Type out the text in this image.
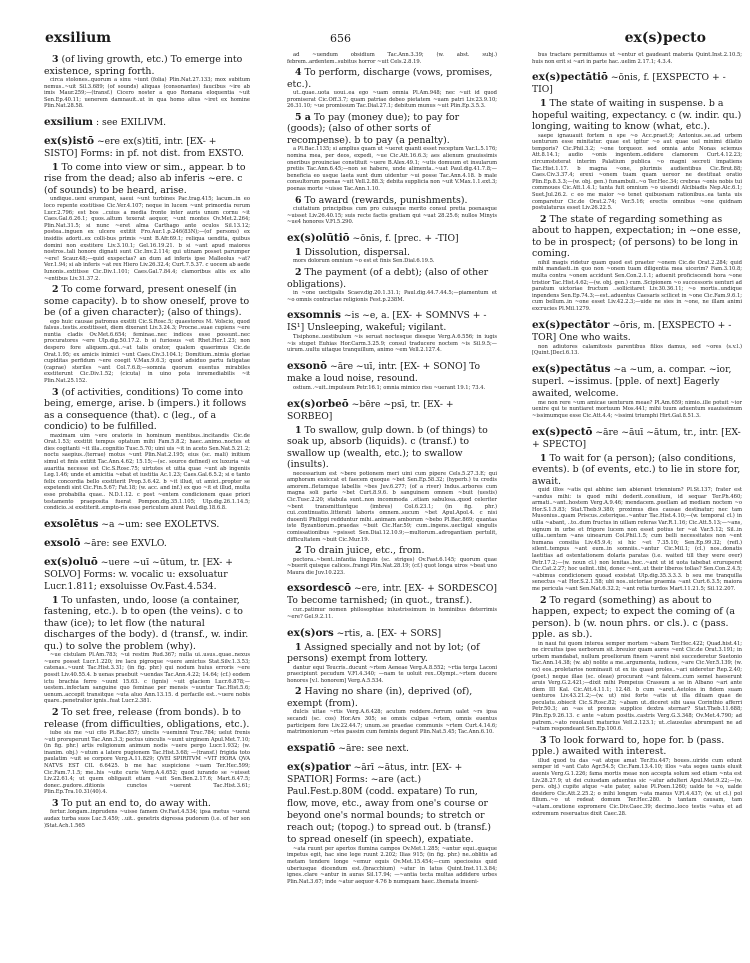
exsilium	656	ex(s)pecto
3 (of living growth, etc.) To emerge into existence, spring forth.
circa stolones..quorum a sinu ~iunt (folia) Plin.Nat.27.133; mox subitum nemus..~uit Sil.3.689; (of sounds) aliquas (consonantes) faucibus ~ire ab imis Maur.259;—(transf.) Cicero noster a quo Romana eloquentia ~uit Sen.Ep.40.11; uenerem damnauit..ut in qua homo alius ~iret ex homine Plin.Nat.28.58.
exsilium : see EXILIVM.
ex(s)istō ~ere ex(s)titī, intr. [EX- + SISTO] Forms: in pf. not dist. from EXSTO.
1 To come into view or sim., appear. b to rise from the dead; also ab inferis ~ere. c (of sounds) to be heard, arise.
undique..ueni erumpant, saeui ~unt turbines Pac.trag.415; lacum..in eo loco repente exstitisse Cic.Ver.4.107; neque in lucem ~unt primordia rerum Lucr.2.796; est bos ..cuius a media fronte inter auris unum cornu ~it Caes.Gal.6.26.1; quos..altum texerat aequor, ~unt montes Ov.Met.2.264; Plin.Nat.31.5; si nunc ~eret alma Carthago ante oculos Sil.13.12; postea..inguen ex ulcere extitit Fro.Aur.1.p.246(83N);—(of persons) ex insidiis adorti..ex colli-bus primis ~unt B.Afr.69.1; reliqua uendita, quibus domini non exstitere Liv.3.10.1; Gel.16.19.21. b si ~ant apud maiores nostros..tali honore dignati sunt Cic.Inv.2.114; qui utinam posset parumper ~ere! Scaur.48;—quid exspectas? an dum ad inferis ipse Malleolus ~at? Ver.1.94; si ab inferis ~at rex Hiero Liv.26.32.4; Curt.7.5.37. c uocem ab aede Iunonis..extitisse Cic.Div.1.101; Caes.Gal.7.84.4; clamoribus aliis ex alio ~entibus Liv.31.37.2.
2 To come forward, present oneself (in some capacity). b to show oneself, prove to be (of a given character); (also of things).
ego huic causae patronus exstiti Cic.S.Rosc.5; quaestores M. Volscio, quod falsus..testis..exstitisset, diem dixerant Liv.3.24.3; Procne..suae cupiens ~ere nuntia cladis Ov.Met.6.654; feminae..nec indices esse possunt..nec procuratores ~ere Ulp.dig.50.17.2. b si furiosus ~et Rhet.Her.1.23; non despero fore aliquem..qui..~at talis orator, qualem quaerimus Cic.de Orat.1.95; ex amicis inimici ~unt Caes.Civ.3.104.1; Domitium..nimia gloriae cupiditas perfidum ~ere coegit V.Max.9.6.3; quod adsiduo partu fatigatae (caprae) steriles ~ant Col.7.6.8;—somnia quorum euentus mirabiles exstiterunt Cic.Div.1.52; (cicuta) in uino pota inremediabilis ~it Plin.Nat.25.152.
3 (of activities, conditions) To come into being, emerge, arise. b (impers.) it follows as a consequence (that). c (leg., of a condicio) to be fulfilled.
maximam uim ~ere oratoris in hominum mentibus..incitandis Cic.de Orat.1.53; exstitit tempus optatum mihi Fam.5.8.2; haec..animo..noctes et dies cogitanti ~it illa..cognitio Tusc.5.70; uini uis ~it in aceto Sen.Nat.5.21.2; noctu saepius..(terrae) motus ~unt Plin.Nat.2.195; eius (sc. mali) initium simul et finis extitit Tac.Ann.4.62; 15.15;—(sc. source defined) ex luxuria ~at auaritia necesse est Cic.S.Rosc.75; uirtutes et uitia quae ~unt ab ingeniis Leg.1.46; unde et amicitia ~ebat et iustitia Ac.1.23; Caes.Gal.6.5.2; si e tanto felix concordia bello exstiterit Prop.3.6.42. b ~it illud, ut amici..propter se expetendi sint Cic.Fin.5.67; Fat.18; (w. acc. and inf.) ex quo ~it et illud, multa esse probabilia quae.. N.D.1.12. c post ~entem condicionem quae priori testamento praeposita fuerat Pompon.dig.35.1.105; Ulp.dig.26.1.14.5; condicio..si exstiterit..empto-ris esse periculum aiunt Paul.dig.18.6.8.
exsolētus ~a ~um: see EXOLETVS.
exsolō ~āre: see EXVLO.
ex(s)oluō ~uere ~uī ~ūtum, tr. [EX- + SOLVO] Forms: w. vocalic u: exsoluatur Lucr.1.811; exsoluisse Ov.Fast.4.534.
1 To unfasten, undo, loose (a container, fastening, etc.). b to open (the veins). c to thaw (ice); to let flow (the natural discharges of the body). d (transf., w. indir. qu.) to solve the problem (why).
~ue cistulam Pl.Am.783; ~ui restim Rud.367; nulla ui..usus..quae..nexus ~uere posset Lucr.1.220; ire lacu pigroque ~uere amictus Stat.Silv.1.3.53; catenas..~uunt Tac.Hist.3.31; (in fig. phr.) qui nodum huius erroris ~ere possit Liv.40.55.4. b uenas praebuit ~uendas Tac.Ann.4.22; 14.64; (cf.) eodem ictu brachia ferro ~uunt 15.63. c (ignis) ~uit glaciem Lucr.6.878;—uestem..infectam sanguine quo feminae per mensis ~uuntur Tac.Hist.5.6; uenum..accepit transitque ~uta aluo Ann.13.15. d perfacile est..~uere nobis quare..penetralior ignis..fuat Lucr.2.381.
2 To set free, release (from bonds). b to release (from difficulties, obligations, etc.).
iube sis me ~ui cito Pl.Bac.857; uinclis ~ueminni Truc.784; uelut frenis ~uti proruperunt Tac.Ann.3.3; pectus uinculis ~uunt uirginem Apul.Met.7.10; (in fig. phr.) artis religionum animum nodis ~uere pergo Lucr.1.932; (w. inanim. obj.) ~utum a latere pugionem Tac.Hist.3.68; —(transf.) frigida toto paulatim ~uit se corpore Verg.A.11.829; QVEI SPIRITVM ~VIT HORA QVA NATVS EST CIL 6.6425. b me hac suspicione ~uam Ter.Hec.599; Cic.Fam.7.1.5; me..his ~uite curis Verg.A.4.652; quod iurando se ~uisset Liv.22.61.4; ut quem obligauit etiam ~uit Sen.Ben.2.17.6; Mart.6.47.5; donec..pudore..ditionis cunctos ~uerent Tac.Hist.3.61; Plin.Ep.Tra.10.31(40).4.
3 To put an end to, do away with.
fertur..longam..inprudens ~uisse famem Ov.Fast.4.534; ipsa metus ~uerat audax turba suos Luc.5.459; ..uit.. genetrix digressa pudorem (i.e. of her son )Stat.Ach.1.565
ad ~uendum obsidium Tac.Ann.3.39; (w. abst. subj.) febrem..ardentem..subitus horror ~uit Cels.2.8.19.
4 To perform, discharge (vows, promises, etc.).
ut..quae..uota uoui..ea ego ~uam omnia Pl.Am.948; nec ~uit id quod promiserat Cic.Off.3.7; quam patriae debeo pietatem ~uam patri Liv.23.9.10; 26.31.10; ~ue promissum Tac.Dial.27.1; debitum munus ~uit Plin.Ep.3.5.3.
5 a To pay (money due); to pay for (goods); (also of other sorts of recompense). b to pay (a penalty).
a Pl.Bac.1135; si amplius quam ut ~ueret quanti esset receptum Var.L.5.176; nomina mea, per deos, expedi, ~ue Cic.Att.16.6.3; aes alienum grauissimis oneribus prouinciae constituit ~uere B.Alex.49.1; ~utis domuum et insularum pretiis Tac.Ann.6.45;—non se habere, unde alimenta..~uat Paul.dig.41.7.8;—beneficia eo usque laeta sunt dum uidentur ~ui posse Tac.Ann.4.18. b male consultorum poenas ~uit Vell.2.88.3; debita supplicia non ~uit V.Max.1.1.ext.3; poenas morte ~uisse Tac.Ann.1.10.
6 To award (rewards, punishments).
ciuitatium principibus cum pro cuiusque merito consul pretia poenasque ~uisset Liv.26.40.15; suis recte factis gratiam qui ~uat 28.25.6; nullos Minyis ~ue4 honores V.Fl.5.290.
ex(s)olūtiō ~ōnis, f. [prec. + -TIO]
1 Dissolution, dispersal.
mors dolorum omnium ~o est et finis Sen.Dial.6.19.5.
2 The payment (of a debt); (also of other obligations).
in ~one uectigalis Scaev.dig.20.1.31.1; Paul.dig.44.7.44.5;—piamentum et ~o omnis contractae religionis Fest.p.238M.
exsomnis ~is ~e, a. [EX- + SOMNVS + -IS¹] Unsleeping, wakeful; vigilant.
Tisiphone..uestibulum ~is seruat noctesque diesque Verg.A.6.556; in iugis ~is stupet Euhias Hor.Carm.3.25.9; consul traducere noctem ~is Sil.9.5;—uirum..uultu uitaque tranquillum, animo ~em Vell.2.127.4.
exsonō ~āre ~uī, intr. [EX- + SONO] To make a loud noise, resound.
ostium..~uit..impulsum Petr.16.1; omnia mimico risu ~uerant 19.1; 73.4.
ex(s)orbeō ~bēre ~psī, tr. [EX- + SORBEO]
1 To swallow, gulp down. b (of things) to soak up, absorb (liquids). c (transf.) to swallow up (wealth, etc.); to swallow (insults).
necessarium est ~bere potionem meri uini cum pipere Cels.5.27.3.E; qui amphoram exsiccat et faecem quoque ~bet Sen.Ep.58.32; (hyperb.) tu credis amorem..fletumque labellis ~bes Juv.6.277; (of a river) Indus..arbores cum magna soli parte ~bet Curt.8.9.6. b sanguinem omnem ~buit (uestis) Cic.Tusc.2.20; stabula sunt..non incommoda ..etiam sabulosa..quod celeriter ~bent transmittuntque (imbres) Col.6.23.1; (in fig. phr.) cui..continuatio..litterati laboris omnem..sucum ~bet Apul.Apol.4. c nisi duoenti Philippi redduntur mihi..animam amborum ~bebo Pl.Bac.869; quantas iste Byzantiorum..praedas ~buit Cic.Har.59; cum..ingens..uectigal singulis comissationibus ~psisset Sen.Dial.12.10.9;—multorum..adrogantiam pertulit, difficultatem ~buit Cic.Mur.19.
2 To drain juice, etc., from.
pectora..~bent..infantia linguis (sc. striges) Ov.Fast.6.145; quorum quae ~buerit quisque calices..frangi Plin.Nat.28.19; (cf.) quot longa uiros ~beat uno Maura die Juv.10.223.
exsordescō ~ere, intr. [EX- + SORDESCO] To become tarnished; (in quot., transf.).
cur..patimur nomen philosophiae inlustrissimum in hominibus deterrimis ~ere? Gel.9.2.11.
ex(s)ors ~rtis, a. [EX- + SORS]
1 Assigned specially and not by lot; (of persons) exempt from lottery.
dantur equi Teucris..ducunt ~rtem Aeneae Verg.A.8.552; ~rtia terga Laconi praecipiunt pecudum V.Fl.4.340; —nam te uoluit rex..Olympi..~rtem ducere honores [v.l. honorem] Verg.A.5.534.
2 Having no share (in), deprived (of), exempt (from).
dulcis uitae ~rtis Verg.A.6.428; acutum reddere..ferrum ualet ~rs ipsa secandi (sc. cos) Hor.Ars 305; se omnis culpae ~rtem, omnis euentus participem fore Liv.22.44.7; unum..se praedae communis ~rtem Curt.4.14.6; matrimoniorum ~rtes passim cum feminis degunt Plin.Nat.5.45; Tac.Ann.6.10.
exspatiō ~āre: see next.
ex(s)patior ~ārī ~ātus, intr. [EX- + SPATIOR] Forms: ~are (act.) Paul.Fest.p.80M (codd. expatare) To run, flow, move, etc., away from one's course or beyond one's normal bounds; to stretch or reach out; (topog.) to spread out. b (transf.) to spread oneself (in speech), expatiate.
~ata ruunt per apertos flumina campos Ov.Met.1.285; ~antur equi..quaque impetus egit, hac sine lege ruunt 2.202; Ilias 915; (in fig. phr.) ne..oblitis ad metam tendere longe ~emur equis Ov.Met.15.454;—cum speciosius quid uberiusque dicendum est..(bracchium) ~atur in latus Quint.Inst.11.3.84; ignes..clare ~antur in auras Sil.17.94; —~antia tecta multas addidere urbes Plin.Nat.3.67; inde ~atur aequor 4.76 b numquam haec..themata inueni-
bus tractare permittamus ut ~entur et gaudeant materia Quint.Inst.2.10.5; huis non erit si ~ari in parte hac..uelim 2.17.1; 4.3.4.
ex(s)pectātiō ~ōnis, f. [EXSPECTO + -TIO]
1 The state of waiting in suspense. b a hopeful waiting, expectancy. c (w. indir. qu.) longing, waiting to know (what, etc.).
saepe ignauauit fortem n spe ~o Acc.praet.9; Antonius..se..ad urbem uenturum esse minitatur. quae est igitur ~o aut quae uel minimi dilatio temporis? Cic.Phil.3.2; ~one torqueor. sed omnia ante Nonas sciemus Att.8.14.1; audio ~onis ingentem..edidere clamorem Curt.4.12.23; circumsteterat interim Palatium publica ~o magni secreti impatiens Tac.Hist.1.17. b magna ~one, plurimis audientibus Cic.Brut.88; Caes.Civ.3.37.4; erexi ~onem tuam quam uereor ne destituat oratio Plin.Ep.8.3.3;—(w. obj. gen.) funambuli..~o Ter.Hec.34; crebras ~onis nobis tui commoues Cic.Att.1.4.1; tanta fuit omnium ~o uisendi Alcibiadis Nep.Alc.6.1; Suet.Jul.26.2. c eo me maior ~o tenet quibusnam rationibus..ea tanta uis comparetur Cic.de Orat.2.74; Ver.5.16; erectis omnibus ~one quidnam postulaturus esset Liv.26.22.5.
2 The state of regarding something as about to happen, expectation; in ~one esse, to be in prospect; (of persons) to be long in coming.
nihil magis ridetur quam quod est praeter ~onem Cic.de Orat.2.284; quid mihi mandasti..in quo non ~onem tuam diligentia mea uicerim? Fam.3.10.8; multa contra ~onem accidunt Sen.Con.2.1.1; aduenit proficiscendi hora ~one tristior Tac.Hist.4.62;—(w. obj. gen.) cum..Scipionem ~o successoris uenturi ad paratum uictoriae fructum ..sollicitaret Liv.30.36.11; ~o mortis..undique inpendens Sen.Ep.74.3;—est..aduentus Caesaris scilicet in ~one Cic.Fam.9.6.1; cum bellum..in ~one esset Liv.42.2.3;—uide ne sies in ~one, ne illam animi excrucies Pl.Mil.1279.
ex(s)pectātor ~ōris, m. [EXSPECTO + -TOR] One who waits.
non adiutores calamitosis parentibus filios damus, sed ~ores (s.v.l.) [Quint.]Decl.6.13.
ex(s)pectātus ~a ~um, a. compar. ~ior, superl. ~issimus. [pple. of next] Eagerly awaited, welcome.
me non rere ~um amicae uenturum meae? Pl.Am.659; nimio..ille potuit ~ior uenire qui te nuntiaret mortuum Mos.441; mihi tuum aduentum suauissimum ~issimumque esse Cic.Att.4.4; ~issimi triumphi Hirt.Gal.8.51.3.
ex(s)pectō ~āre ~āuī ~ātum, tr., intr. [EX- + SPECTO]
1 To wait for (a person); (also conditions, events). b (of events, etc.) to lie in store for, await.
quid illos ~atis qui abhinc iam abierant triennium? Pl.St.137; frater est ~andus mihi: is quod mihi dederit..consilium, id sequar Ter.Ph.460; armati..~ant..hostem Verg.A.9.46; mendacem..puellam ad mediam noctem ~o Hor.S.1.5.83; Stat.Theb.9.380; proximus dies causae destinatur; nec tam Musonius..quam Priscus..ceterique..~antur Tac.Hist.4.10;—(w. temporal cl.) in uilla ~abant, ..to..dum fructus in uillam referas Var.R.1.16; Cic.Att.5.13;—~ans, signum in urbe et frigore lucem non esset potius ter ~at Var.5.12; Sil..in uilla..uentum ~ans uinearum Col.Phil.1.5; cum belli necessitates non ~ent humana consilia Liv.45.9.4; si hic ~et 7.35.10; Sen.Ep.99.32; (refl.) silent..tempus ~ant eum..in somniis..~antur Cic.Mil.1; (cl.) nos..donatis laetitias ad ostentationem dolaris paratas (i.e. waited till they were over) Petr.17.2;—(w. noun cl.) non lenitas..hoc..~ant ut id uota tabebat eruruperet Cic.Cat.2.27; hoc uelint..tibi, donec ~ent..ut their liberos tollas? Sen.Con.2.4.5; ~abimus condicionem quoad exsistat Ulp.dig.35.3.3.3. b seu me tranquilla senectus ~at Hor.S.2.1.58; ubi nos..uictoriae praemia ~ant Curt.6.3.5; maiora me pericula ~ant Sen.Nat.6.32.2; ~ant retia turdos Mart.11.21.5; Sil.12.207.
2 To regard (something) as about to happen, expect; to expect the coming of (a person). b (w. noun phrs. or cls.). c (pass. pple. as sb.).
in naui fui quom interea semper mortem ~abam Ter.Hec.422; Quad.hist.41; ne circuitus ipse uerborum sit..breuior quam aures ~ent Cic.de Orat.3.191; in urbem mandabat, nullum proeliorum finem ~arent nisi succederetur Suetonio Tac.Ann.14.38; (w. ab) nolite a me..argumenta, iudices, ~are Cic.Ver.5.139; (w. ex) eos..proletarios nominauit ut ex iis quasi proles..~ari uideretur Rep.2.40; (poet.) neque illae (sc. oleae) procurant ~ant falcem..cum semel haeserunt aruis Verg.G.2.421;—dixit mihi Pompeius Crassum a se in Albano ~ari ante diem III Kal. Cic.Att.4.11.1; 12.48. b cum ~aret..Aetolos in fidem suam uenturos Liv.43.21.2;—(w. ut) nisi forte ~atis ut illa diluam quae de peculatu..obiecit Cic.S.Rosc.82; ~abam ut..diceret sibi uasa Corinthio afferri Petr.50.3; an ~as ut pronus supplice dextra sternar? Stat.Theb.11.688; Plin.Ep.9.26.13. c ante ~atum positis..castris Verg.G.3.348; Ov.Met.4.790; ad patrem..~ato reuolauit maturius Vell.2.123.1; ut..clausulas abrumpant ne ad ~atum respondeant Sen.Ep.100.6.
3 To look forward to, hope for. b (pass. pple.) awaited with interest.
illud quod tu das ~at atque amat Ter.Eu.447; boues..uiride cum edunt semper id ~ant Cato Agr.54.5; Cic.Fam.13.4.10; illos ~ata seges uanis elusit auenis Verg.G.1.226; fama mortis meae non accepta solum sed etiam ~nta est Liv.28.27.9; ut dei cuiusdam aduentus sic ~atur adulteri Apul.Met.9.22;—(w. pers. obj.) cupite atque ~ate pater, salue Pl.Poen.1260; ualde te ~o, ualde desidero Cic.Att.2.25.2; o mihi longum ~ata manus V.Fl.4.437; (w. ut cl.) pol filium..~o ut redeat domum Ter.Hec.280. b tantam causam, tam ~atam..oratione expromere Cic.Div.Caec.39; decimo..loco testis ~atus et ad extremum reseruatus dixit Caec.28.
